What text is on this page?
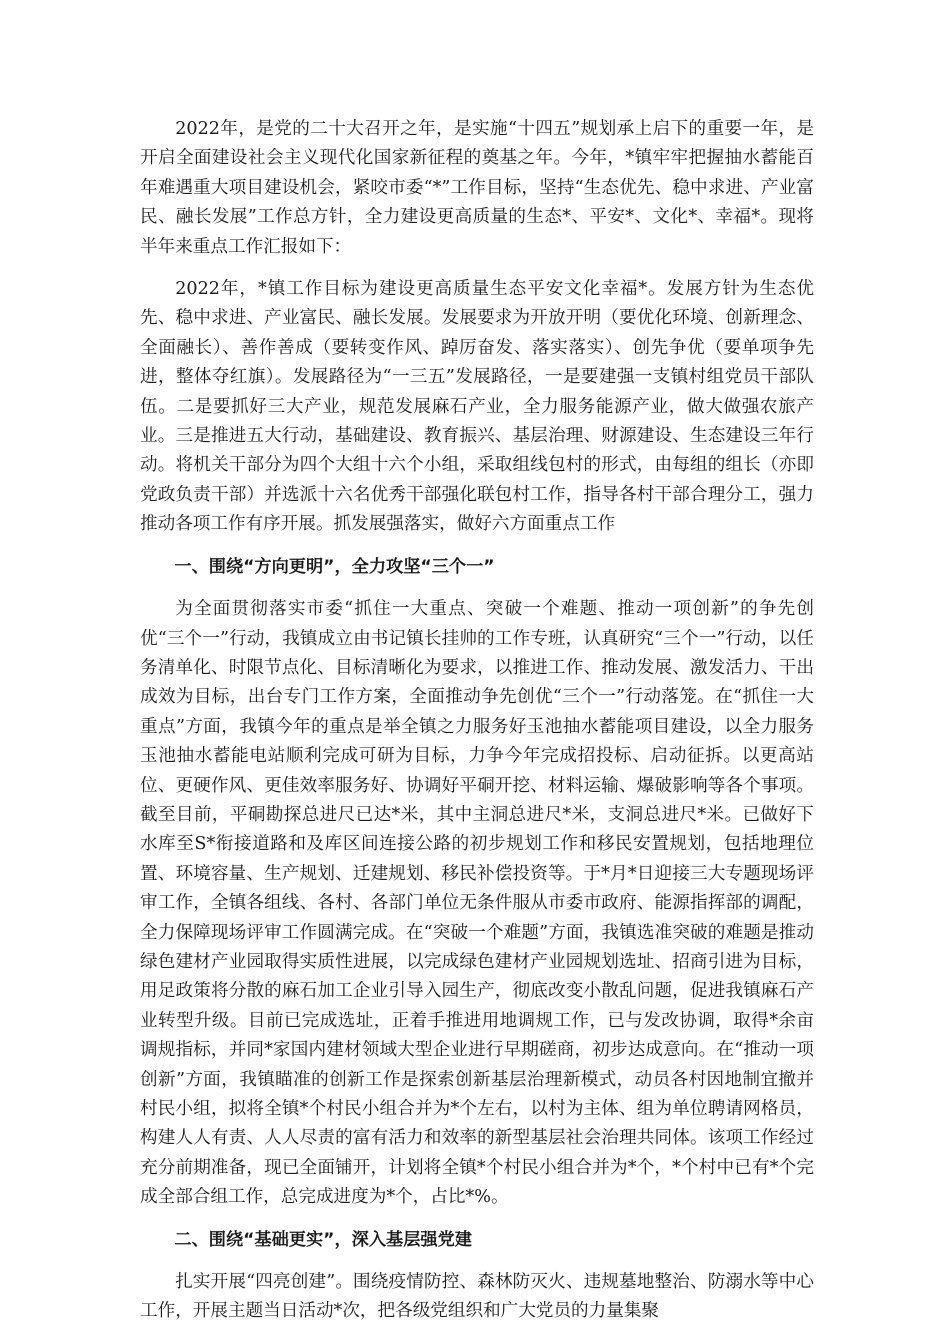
2022年，是党的二十大召开之年，是实施“十四五”规划承上启下的重要一年，是开启全面建设社会主义现代化国家新征程的奠基之年。今年，*镇牢牢把握抽水蓄能百年难遇重大项目建设机会，紧咬市委“*”工作目标，坚持“生态优先、稳中求进、产业富民、融长发展”工作总方针，全力建设更高质量的生态*、平安*、文化*、幸福*。现将半年来重点工作汇报如下：

2022年，*镇工作目标为建设更高质量生态平安文化幸福*。发展方针为生态优先、稳中求进、产业富民、融长发展。发展要求为开放开明（要优化环境、创新理念、全面融长）、善作善成（要转变作风、踔厉奋发、落实落实）、创先争优（要单项争先进，整体夺红旗）。发展路径为“一三五”发展路径，一是要建强一支镇村组党员干部队伍。二是要抓好三大产业，规范发展麻石产业，全力服务能源产业，做大做强农旅产业。三是推进五大行动，基础建设、教育振兴、基层治理、财源建设、生态建设三年行动。将机关干部分为四个大组十六个小组，采取组线包村的形式，由每组的组长（亦即党政负责干部）并选派十六名优秀干部强化联包村工作，指导各村干部合理分工，强力推动各项工作有序开展。抓发展强落实，做好六方面重点工作

一、围绕“方向更明”，全力攻坚“三个一”

为全面贯彻落实市委“抓住一大重点、突破一个难题、推动一项创新”的争先创优“三个一”行动，我镇成立由书记镇长挂帅的工作专班，认真研究“三个一”行动，以任务清单化、时限节点化、目标清晰化为要求，以推进工作、推动发展、激发活力、干出成效为目标，出台专门工作方案，全面推动争先创优“三个一”行动落笼。在“抓住一大重点”方面，我镇今年的重点是举全镇之力服务好玉池抽水蓄能项目建设，以全力服务玉池抽水蓄能电站顺利完成可研为目标，力争今年完成招投标、启动征拆。以更高站位、更硬作风、更佳效率服务好、协调好平硐开挖、材料运输、爆破影响等各个事项。截至目前，平硐勘探总进尺已达*米，其中主洞总进尺*米，支洞总进尺*米。已做好下水库至S*衔接道路和及库区间连接公路的初步规划工作和移民安置规划，包括地理位置、环境容量、生产规划、迁建规划、移民补偿投资等。于*月*日迎接三大专题现场评审工作，全镇各组线、各村、各部门单位无条件服从市委市政府、能源指挥部的调配，全力保障现场评审工作圆满完成。在“突破一个难题”方面，我镇选准突破的难题是推动绿色建材产业园取得实质性进展，以完成绿色建材产业园规划选址、招商引进为目标，用足政策将分散的麻石加工企业引导入园生产，彻底改变小散乱问题，促进我镇麻石产业转型升级。目前已完成选址，正着手推进用地调规工作，已与发改协调，取得*余亩调规指标，并同*家国内建材领域大型企业进行早期磋商，初步达成意向。在“推动一项创新”方面，我镇瞄准的创新工作是探索创新基层治理新模式，动员各村因地制宜撤并村民小组，拟将全镇*个村民小组合并为*个左右，以村为主体、组为单位聘请网格员，构建人人有责、人人尽责的富有活力和效率的新型基层社会治理共同体。该项工作经过充分前期准备，现已全面铺开，计划将全镇*个村民小组合并为*个，*个村中已有*个完成全部合组工作，总完成进度为*个，占比*%。

二、围绕“基础更实”，深入基层强党建

扎实开展“四亮创建”。围绕疫情防控、森林防灭火、违规墓地整治、防溺水等中心工作，开展主题当日活动*次，把各级党组织和广大党员的力量集聚
